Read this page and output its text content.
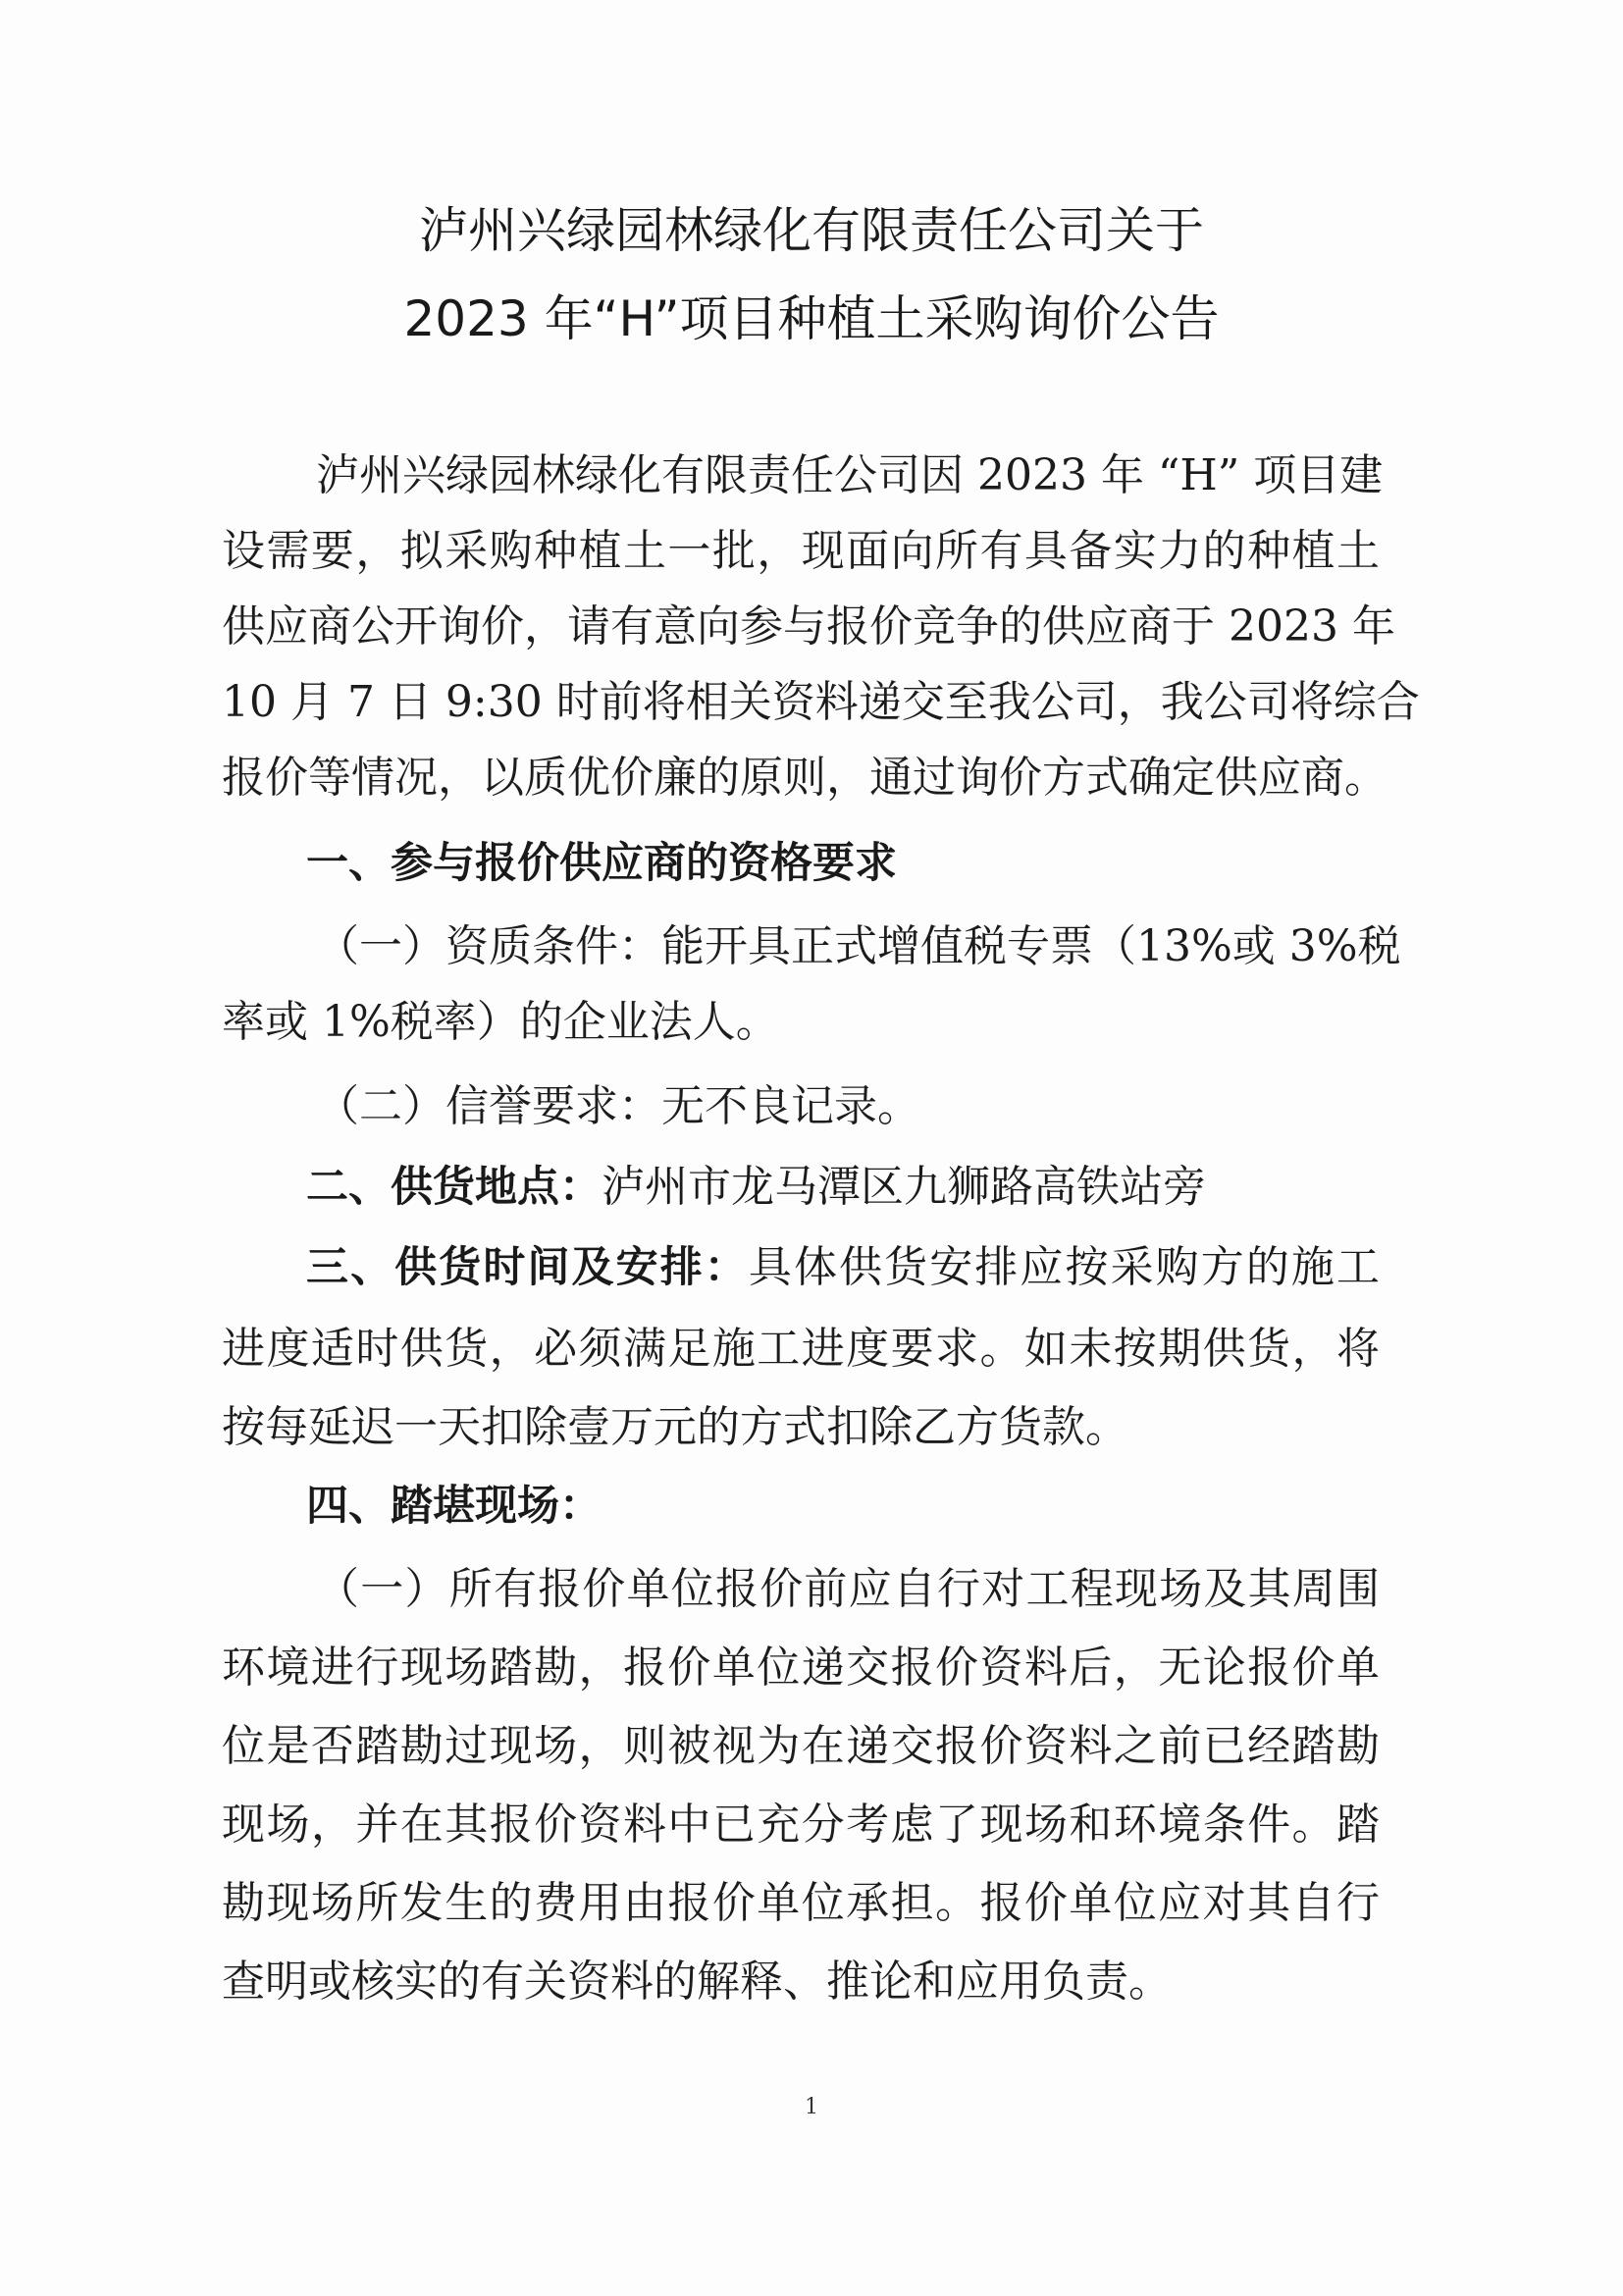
泸州兴绿园林绿化有限责任公司关于
2023 年“H”项目种植土采购询价公告
泸州兴绿园林绿化有限责任公司因 2023 年 “H” 项目建
设需要，拟采购种植土一批，现面向所有具备实力的种植土
供应商公开询价，请有意向参与报价竞争的供应商于 2023 年
10 月 7 日 9:30 时前将相关资料递交至我公司，我公司将综合
报价等情况，以质优价廉的原则，通过询价方式确定供应商。
一、参与报价供应商的资格要求
（一）资质条件：能开具正式增值税专票（13%或 3%税
率或 1%税率）的企业法人。
（二）信誉要求：无不良记录。
二、供货地点：泸州市龙马潭区九狮路高铁站旁
三、供货时间及安排：具体供货安排应按采购方的施工
进度适时供货，必须满足施工进度要求。如未按期供货，将
按每延迟一天扣除壹万元的方式扣除乙方货款。
四、踏堪现场：
（一）所有报价单位报价前应自行对工程现场及其周围
环境进行现场踏勘，报价单位递交报价资料后，无论报价单
位是否踏勘过现场，则被视为在递交报价资料之前已经踏勘
现场，并在其报价资料中已充分考虑了现场和环境条件。踏
勘现场所发生的费用由报价单位承担。报价单位应对其自行
查明或核实的有关资料的解释、推论和应用负责。
1
